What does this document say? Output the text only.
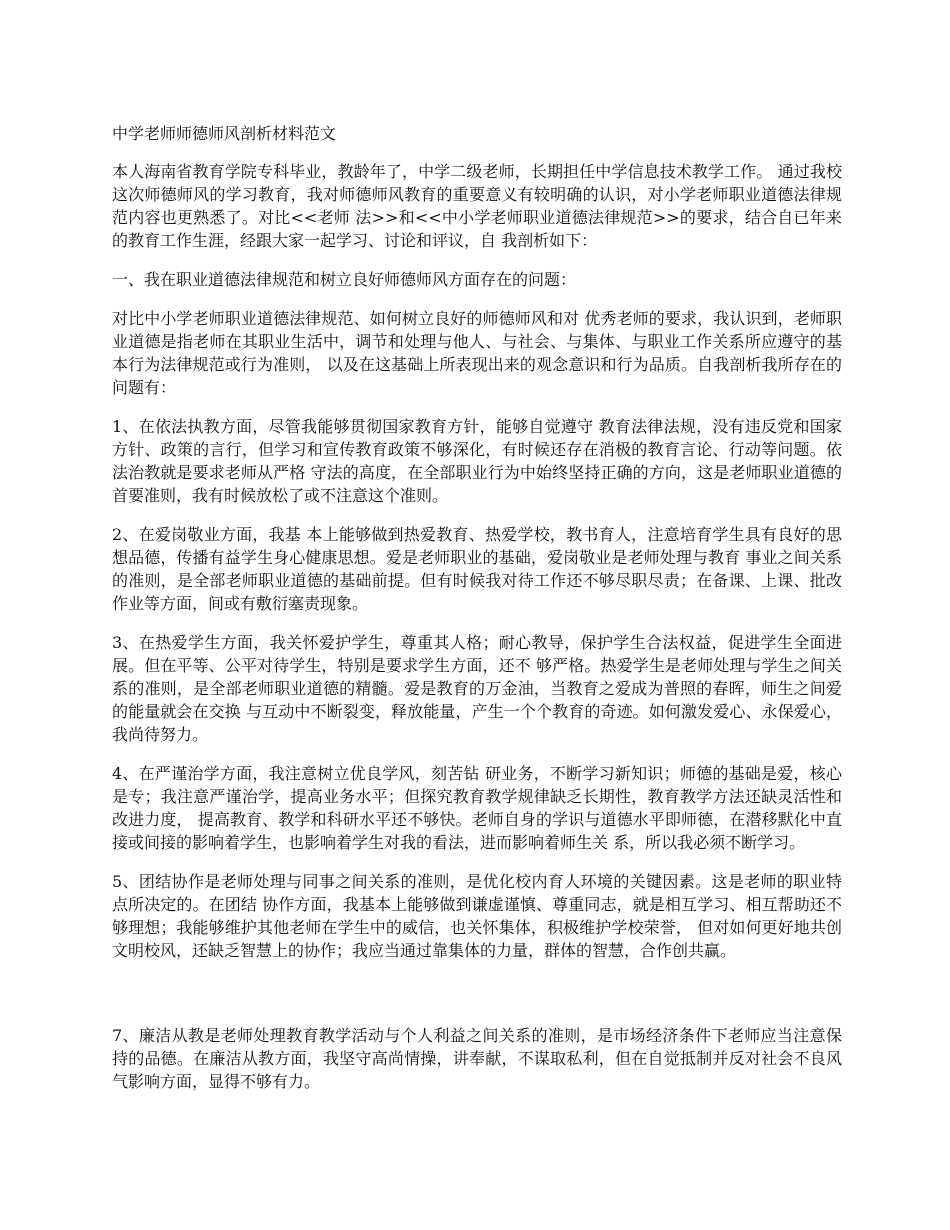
中学老师师德师风剖析材料范文
本人海南省教育学院专科毕业，教龄年了，中学二级老师，长期担任中学信息技术教学工作。 通过我校这次师德师风的学习教育，我对师德师风教育的重要意义有较明确的认识，对小学老师职业道德法律规范内容也更熟悉了。对比<<老师 法>>和<<中小学老师职业道德法律规范>>的要求，结合自已年来的教育工作生涯，经跟大家一起学习、讨论和评议，自 我剖析如下：
一、我在职业道德法律规范和树立良好师德师风方面存在的问题：
对比中小学老师职业道德法律规范、如何树立良好的师德师风和对 优秀老师的要求，我认识到，老师职业道德是指老师在其职业生活中，调节和处理与他人、与社会、与集体、与职业工作关系所应遵守的基本行为法律规范或行为准则， 以及在这基础上所表现出来的观念意识和行为品质。自我剖析我所存在的问题有：
1、在依法执教方面，尽管我能够贯彻国家教育方针，能够自觉遵守 教育法律法规，没有违反党和国家方针、政策的言行，但学习和宣传教育政策不够深化，有时候还存在消极的教育言论、行动等问题。依法治教就是要求老师从严格 守法的高度，在全部职业行为中始终坚持正确的方向，这是老师职业道德的首要准则，我有时候放松了或不注意这个准则。
2、在爱岗敬业方面，我基 本上能够做到热爱教育、热爱学校，教书育人，注意培育学生具有良好的思想品德，传播有益学生身心健康思想。爱是老师职业的基础，爱岗敬业是老师处理与教育 事业之间关系的准则，是全部老师职业道德的基础前提。但有时候我对待工作还不够尽职尽责；在备课、上课、批改作业等方面，间或有敷衍塞责现象。
3、在热爱学生方面，我关怀爱护学生，尊重其人格；耐心教导，保护学生合法权益，促进学生全面进展。但在平等、公平对待学生，特别是要求学生方面，还不 够严格。热爱学生是老师处理与学生之间关系的准则，是全部老师职业道德的精髓。爱是教育的万金油，当教育之爱成为普照的春晖，师生之间爱的能量就会在交换 与互动中不断裂变，释放能量，产生一个个教育的奇迹。如何激发爱心、永保爱心，我尚待努力。
4、在严谨治学方面，我注意树立优良学风，刻苦钻 研业务，不断学习新知识；师德的基础是爱，核心是专；我注意严谨治学，提高业务水平；但探究教育教学规律缺乏长期性，教育教学方法还缺灵活性和改进力度， 提高教育、教学和科研水平还不够快。老师自身的学识与道德水平即师德，在潜移默化中直接或间接的影响着学生，也影响着学生对我的看法，进而影响着师生关 系，所以我必须不断学习。
5、团结协作是老师处理与同事之间关系的准则，是优化校内育人环境的关键因素。这是老师的职业特点所决定的。在团结 协作方面，我基本上能够做到谦虚谨慎、尊重同志，就是相互学习、相互帮助还不够理想；我能够维护其他老师在学生中的威信，也关怀集体，积极维护学校荣誉， 但对如何更好地共创文明校风，还缺乏智慧上的协作；我应当通过靠集体的力量，群体的智慧，合作创共赢。
7、廉洁从教是老师处理教育教学活动与个人利益之间关系的准则，是市场经济条件下老师应当注意保持的品德。在廉洁从教方面，我坚守高尚情操，讲奉献，不谋取私利，但在自觉抵制并反对社会不良风气影响方面，显得不够有力。
